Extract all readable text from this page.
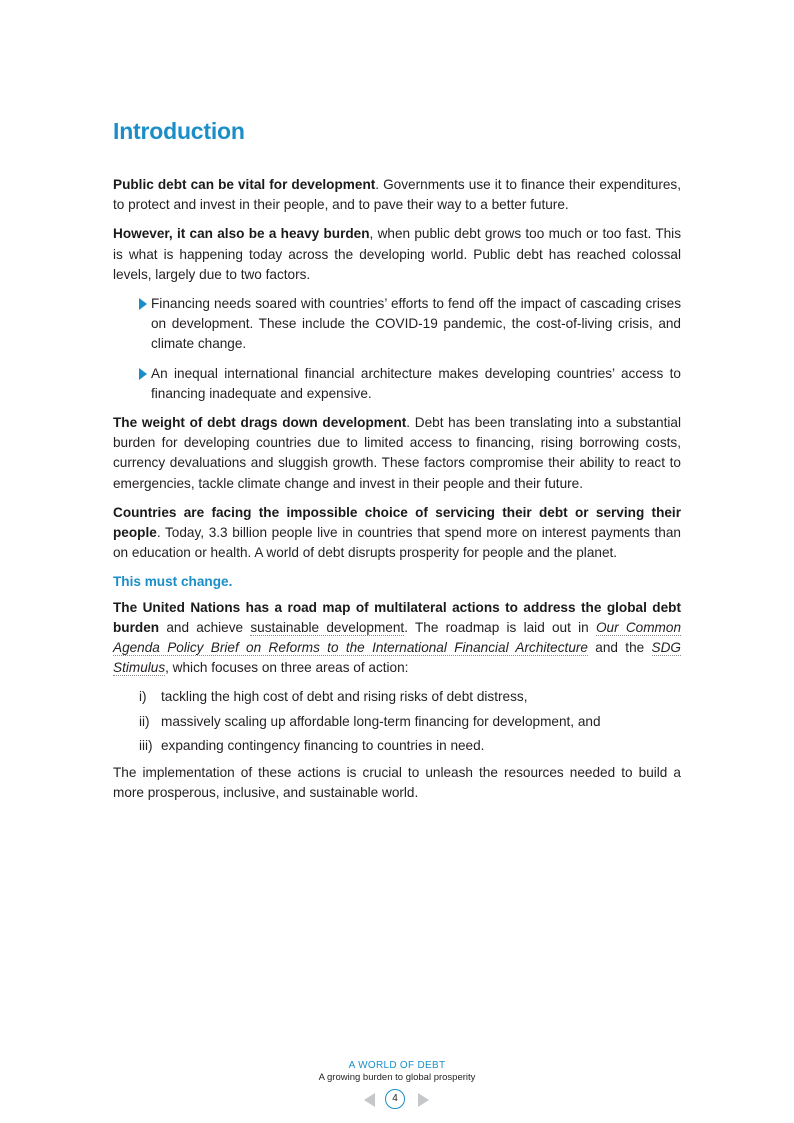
Introduction

Public debt can be vital for development. Governments use it to finance their expenditures, to protect and invest in their people, and to pave their way to a better future.

However, it can also be a heavy burden, when public debt grows too much or too fast. This is what is happening today across the developing world. Public debt has reached colossal levels, largely due to two factors.

Financing needs soared with countries’ efforts to fend off the impact of cascading crises on development. These include the COVID-19 pandemic, the cost-of-living crisis, and climate change.
An inequal international financial architecture makes developing countries’ access to financing inadequate and expensive.

The weight of debt drags down development. Debt has been translating into a substantial burden for developing countries due to limited access to financing, rising borrowing costs, currency devaluations and sluggish growth. These factors compromise their ability to react to emergencies, tackle climate change and invest in their people and their future.

Countries are facing the impossible choice of servicing their debt or serving their people. Today, 3.3 billion people live in countries that spend more on interest payments than on education or health. A world of debt disrupts prosperity for people and the planet.

This must change.

The United Nations has a road map of multilateral actions to address the global debt burden and achieve sustainable development. The roadmap is laid out in Our Common Agenda Policy Brief on Reforms to the International Financial Architecture and the SDG Stimulus, which focuses on three areas of action:

i) tackling the high cost of debt and rising risks of debt distress,
ii) massively scaling up affordable long-term financing for development, and
iii) expanding contingency financing to countries in need.

The implementation of these actions is crucial to unleash the resources needed to build a more prosperous, inclusive, and sustainable world.

A WORLD OF DEBT
A growing burden to global prosperity
4
